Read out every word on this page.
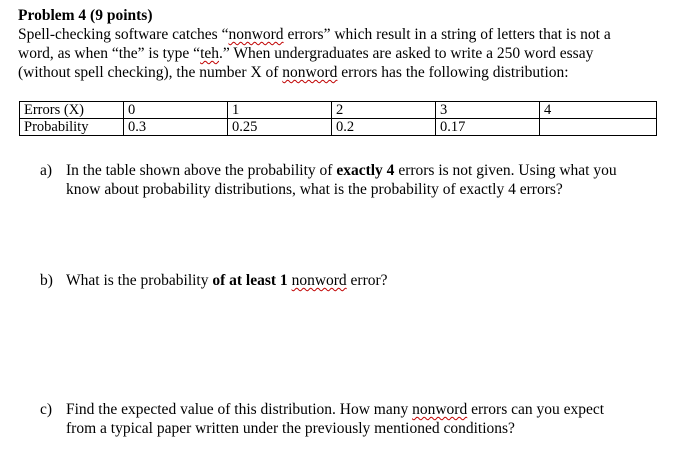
Problem 4 (9 points)
Spell-checking software catches “nonword errors” which result in a string of letters that is not a
word, as when “the” is type “teh.” When undergraduates are asked to write a 250 word essay
(without spell checking), the number X of nonword errors has the following distribution:
Errors (X)	0	1	2	3	4
Probability	0.3	0.25	0.2	0.17	
a) In the table shown above the probability of exactly 4 errors is not given. Using what you
know about probability distributions, what is the probability of exactly 4 errors?
b) What is the probability of at least 1 nonword error?
c) Find the expected value of this distribution. How many nonword errors can you expect
from a typical paper written under the previously mentioned conditions?
